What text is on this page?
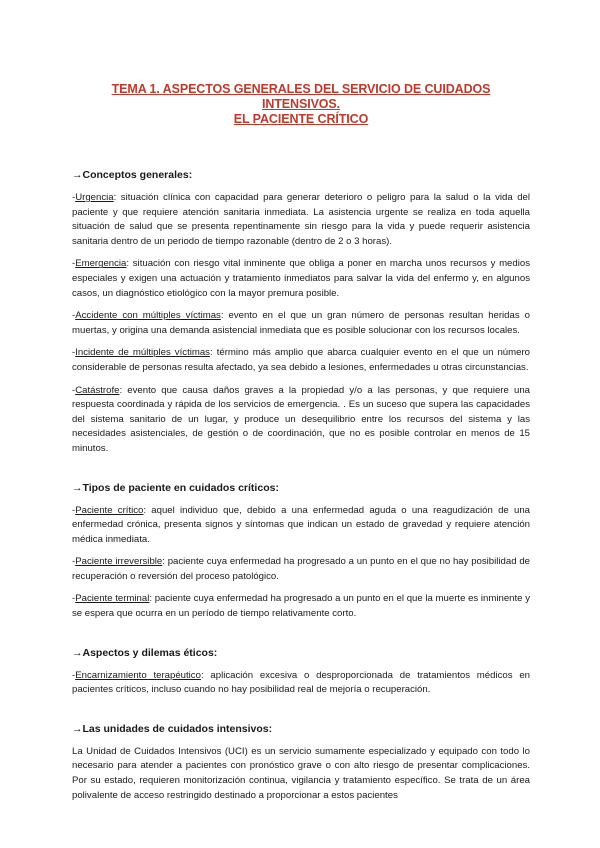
TEMA 1. ASPECTOS GENERALES DEL SERVICIO DE CUIDADOS INTENSIVOS.
EL PACIENTE CRÍTICO
→Conceptos generales:

-Urgencia: situación clínica con capacidad para generar deterioro o peligro para la salud o la vida del paciente y que requiere atención sanitaria inmediata. La asistencia urgente se realiza en toda aquella situación de salud que se presenta repentinamente sin riesgo para la vida y puede requerir asistencia sanitaria dentro de un periodo de tiempo razonable (dentro de 2 o 3 horas).

-Emergencia: situación con riesgo vital inminente que obliga a poner en marcha unos recursos y medios especiales y exigen una actuación y tratamiento inmediatos para salvar la vida del enfermo y, en algunos casos, un diagnóstico etiológico con la mayor premura posible.

-Accidente con múltiples víctimas: evento en el que un gran número de personas resultan heridas o muertas, y origina una demanda asistencial inmediata que es posible solucionar con los recursos locales.

-Incidente de múltiples víctimas: término más amplio que abarca cualquier evento en el que un número considerable de personas resulta afectado, ya sea debido a lesiones, enfermedades u otras circunstancias.

-Catástrofe: evento que causa daños graves a la propiedad y/o a las personas, y que requiere una respuesta coordinada y rápida de los servicios de emergencia. . Es un suceso que supera las capacidades del sistema sanitario de un lugar, y produce un desequilibrio entre los recursos del sistema y las necesidades asistenciales, de gestión o de coordinación, que no es posible controlar en menos de 15 minutos.

→Tipos de paciente en cuidados críticos:

-Paciente crítico: aquel individuo que, debido a una enfermedad aguda o una reagudización de una enfermedad crónica, presenta signos y síntomas que indican un estado de gravedad y requiere atención médica inmediata.

-Paciente irreversible: paciente cuya enfermedad ha progresado a un punto en el que no hay posibilidad de recuperación o reversión del proceso patológico.

-Paciente terminal: paciente cuya enfermedad ha progresado a un punto en el que la muerte es inminente y se espera que ocurra en un período de tiempo relativamente corto.

→Aspectos y dilemas éticos:

-Encarnizamiento terapéutico: aplicación excesiva o desproporcionada de tratamientos médicos en pacientes críticos, incluso cuando no hay posibilidad real de mejoría o recuperación.

→Las unidades de cuidados intensivos:

La Unidad de Cuidados Intensivos (UCI) es un servicio sumamente especializado y equipado con todo lo necesario para atender a pacientes con pronóstico grave o con alto riesgo de presentar complicaciones. Por su estado, requieren monitorización continua, vigilancia y tratamiento específico. Se trata de un área polivalente de acceso restringido destinado a proporcionar a estos pacientes
